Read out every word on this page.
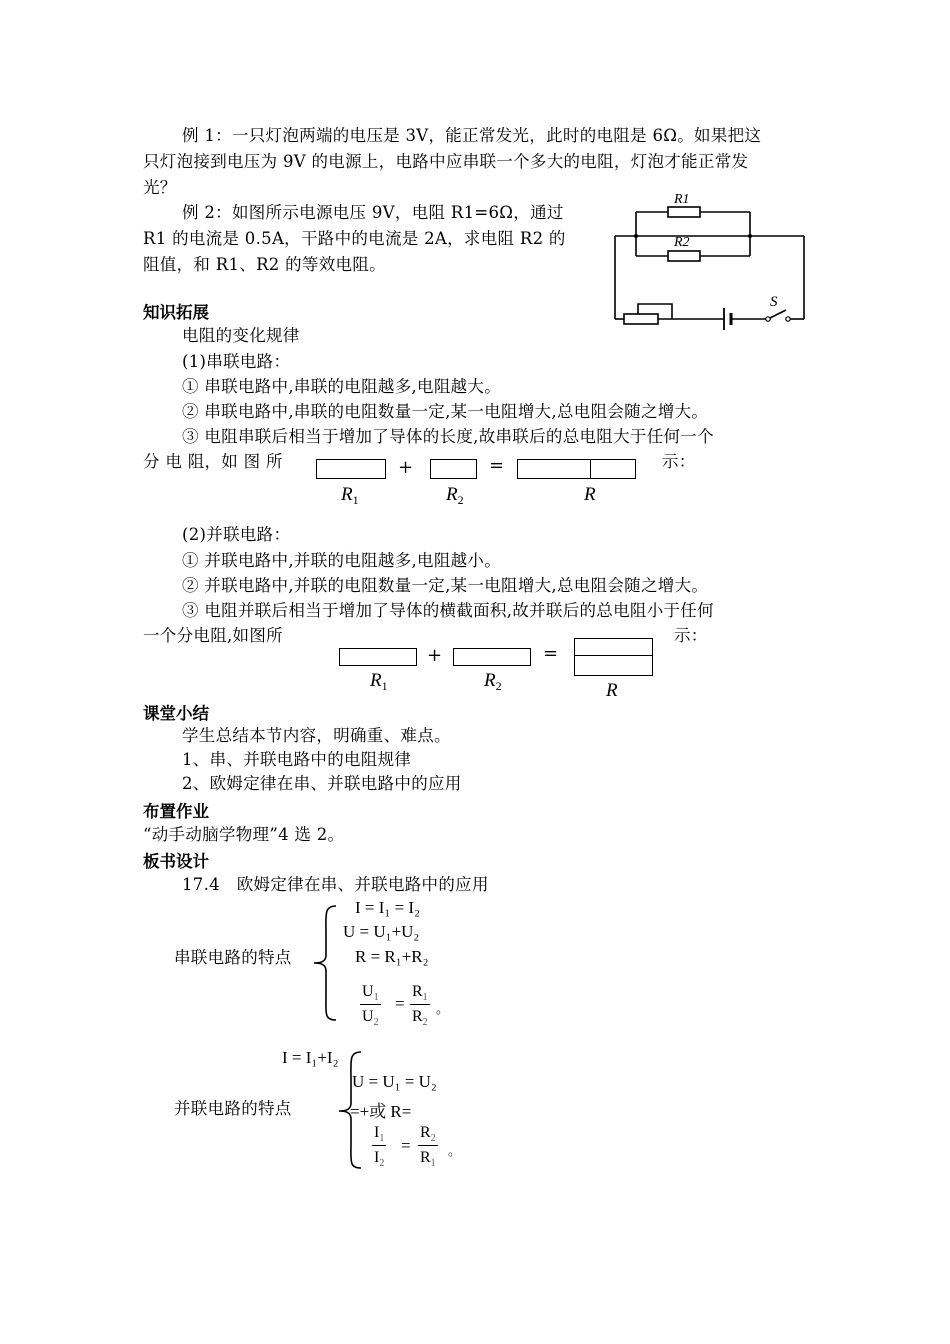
例 1：一只灯泡两端的电压是 3V，能正常发光，此时的电阻是 6Ω。如果把这
只灯泡接到电压为 9V 的电源上，电路中应串联一个多大的电阻，灯泡才能正常发
光？
例 2：如图所示电源电压 9V，电阻 R1=6Ω，通过
R1 的电流是 0.5A，干路中的电流是 2A，求电阻 R2 的
阻值，和 R1、R2 的等效电阻。
R1
R2
S
知识拓展
电阻的变化规律
(1)串联电路：
① 串联电路中,串联的电阻越多,电阻越大。
② 串联电路中,串联的电阻数量一定,某一电阻增大,总电阻会随之增大。
③ 电阻串联后相当于增加了导体的长度,故串联后的总电阻大于任何一个
分 电 阻，如 图 所	示：
+	=
$R_1$	$R_2$	R
(2)并联电路：
① 并联电路中,并联的电阻越多,电阻越小。
② 并联电路中,并联的电阻数量一定,某一电阻增大,总电阻会随之增大。
③ 电阻并联后相当于增加了导体的横截面积,故并联后的总电阻小于任何
一个分电阻,如图所	示：
+	=
$R_1$	$R_2$	R
课堂小结
学生总结本节内容，明确重、难点。
1、串、并联电路中的电阻规律
2、欧姆定律在串、并联电路中的应用
布置作业
“动手动脑学物理”4 选 2。
板书设计
17.4　欧姆定律在串、并联电路中的应用
串联电路的特点
I = I₁ = I₂
U = U₁+U₂
R = R₁+R₂
$\frac{U_1}{U_2} = \frac{R_1}{R_2}$ 。
I = I₁+I₂
并联电路的特点
U = U₁ = U₂
=+或 R=
$\frac{I_1}{I_2} = \frac{R_2}{R_1}$ 。
